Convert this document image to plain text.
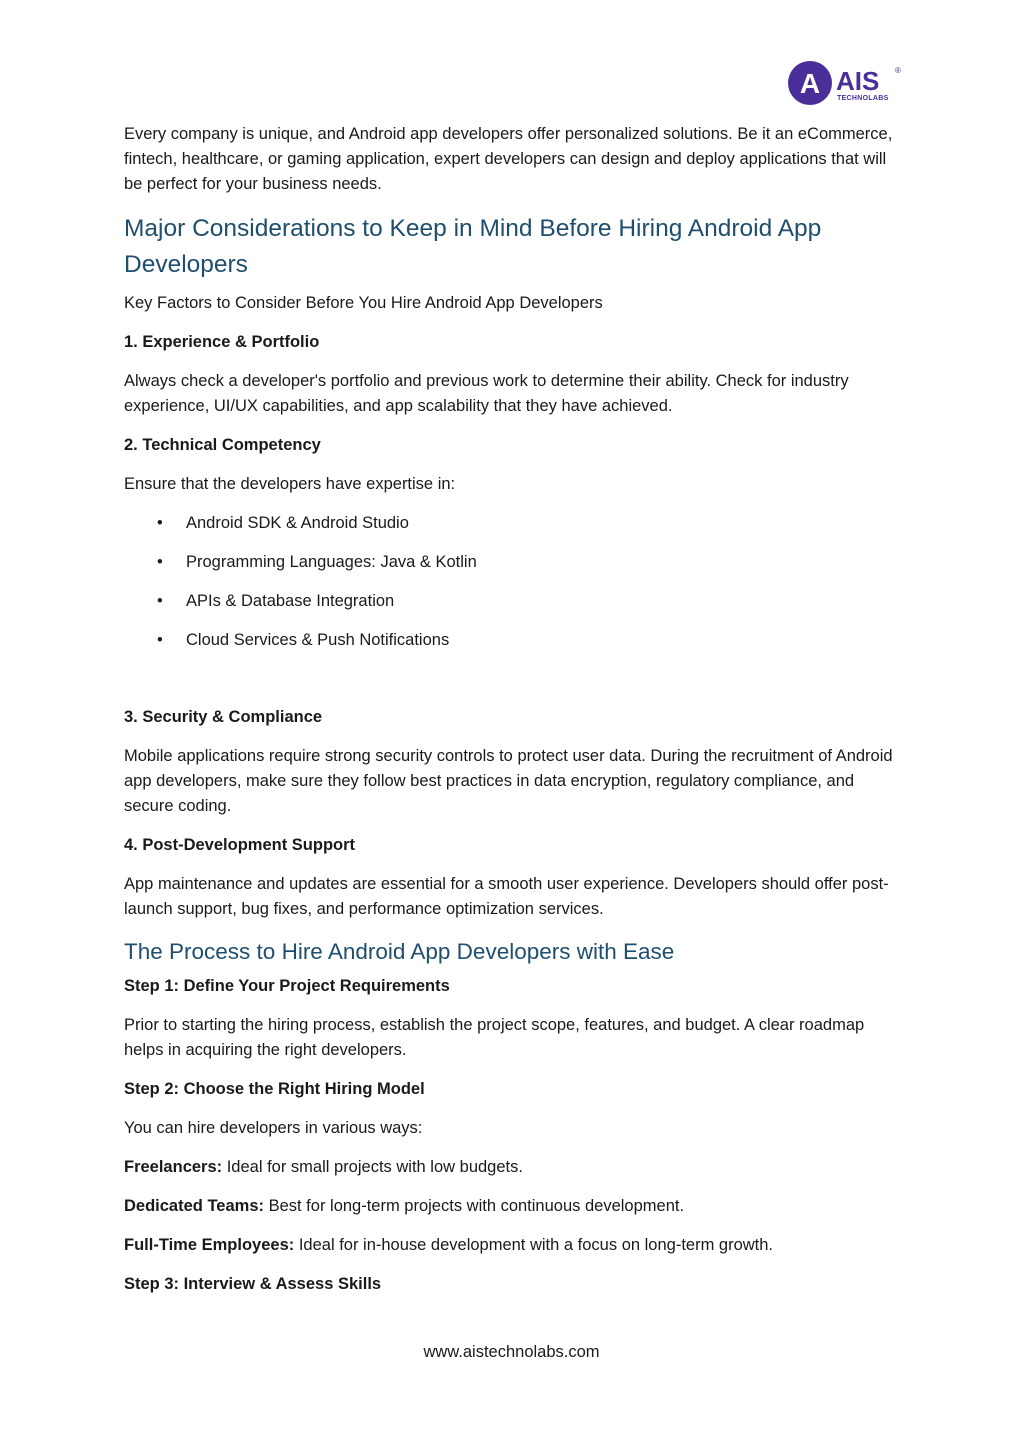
A AIS ®
TECHNOLABS

Every company is unique, and Android app developers offer personalized solutions. Be it an eCommerce, fintech, healthcare, or gaming application, expert developers can design and deploy applications that will be perfect for your business needs.

Major Considerations to Keep in Mind Before Hiring Android App Developers

Key Factors to Consider Before You Hire Android App Developers

1. Experience & Portfolio

Always check a developer's portfolio and previous work to determine their ability. Check for industry experience, UI/UX capabilities, and app scalability that they have achieved.

2. Technical Competency

Ensure that the developers have expertise in:

• Android SDK & Android Studio
• Programming Languages: Java & Kotlin
• APIs & Database Integration
• Cloud Services & Push Notifications

3. Security & Compliance

Mobile applications require strong security controls to protect user data. During the recruitment of Android app developers, make sure they follow best practices in data encryption, regulatory compliance, and secure coding.

4. Post-Development Support

App maintenance and updates are essential for a smooth user experience. Developers should offer post-launch support, bug fixes, and performance optimization services.

The Process to Hire Android App Developers with Ease

Step 1: Define Your Project Requirements

Prior to starting the hiring process, establish the project scope, features, and budget. A clear roadmap helps in acquiring the right developers.

Step 2: Choose the Right Hiring Model

You can hire developers in various ways:

Freelancers: Ideal for small projects with low budgets.

Dedicated Teams: Best for long-term projects with continuous development.

Full-Time Employees: Ideal for in-house development with a focus on long-term growth.

Step 3: Interview & Assess Skills

www.aistechnolabs.com
